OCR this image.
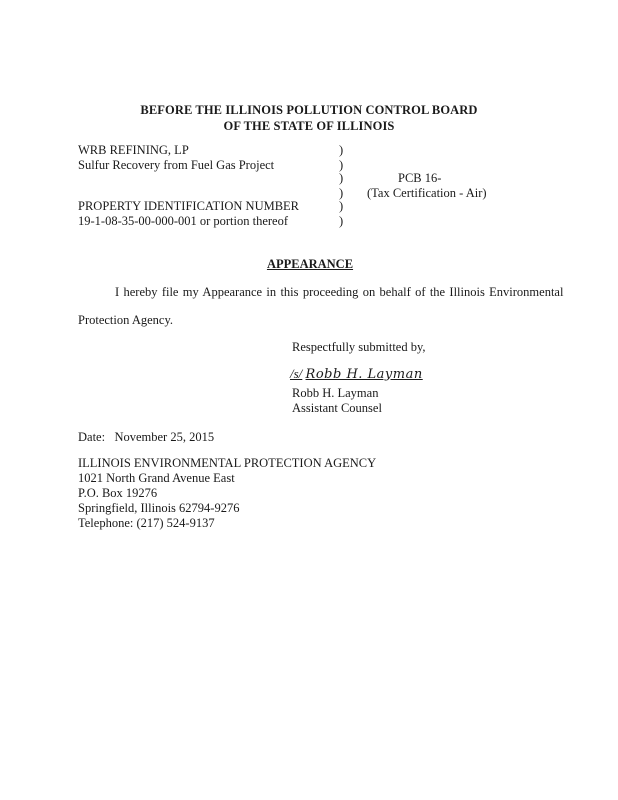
BEFORE THE ILLINOIS POLLUTION CONTROL BOARD
OF THE STATE OF ILLINOIS
WRB REFINING, LP
Sulfur Recovery from Fuel Gas Project
PROPERTY IDENTIFICATION NUMBER
19-1-08-35-00-000-001 or portion thereof
)
)
)
)
)
)
PCB 16-
(Tax Certification - Air)
APPEARANCE
I hereby file my Appearance in this proceeding on behalf of the Illinois Environmental
Protection Agency.
Respectfully submitted by,
/s/ Robb H. Layman
Robb H. Layman
Assistant Counsel
Date: November 25, 2015
ILLINOIS ENVIRONMENTAL PROTECTION AGENCY
1021 North Grand Avenue East
P.O. Box 19276
Springfield, Illinois 62794-9276
Telephone: (217) 524-9137
